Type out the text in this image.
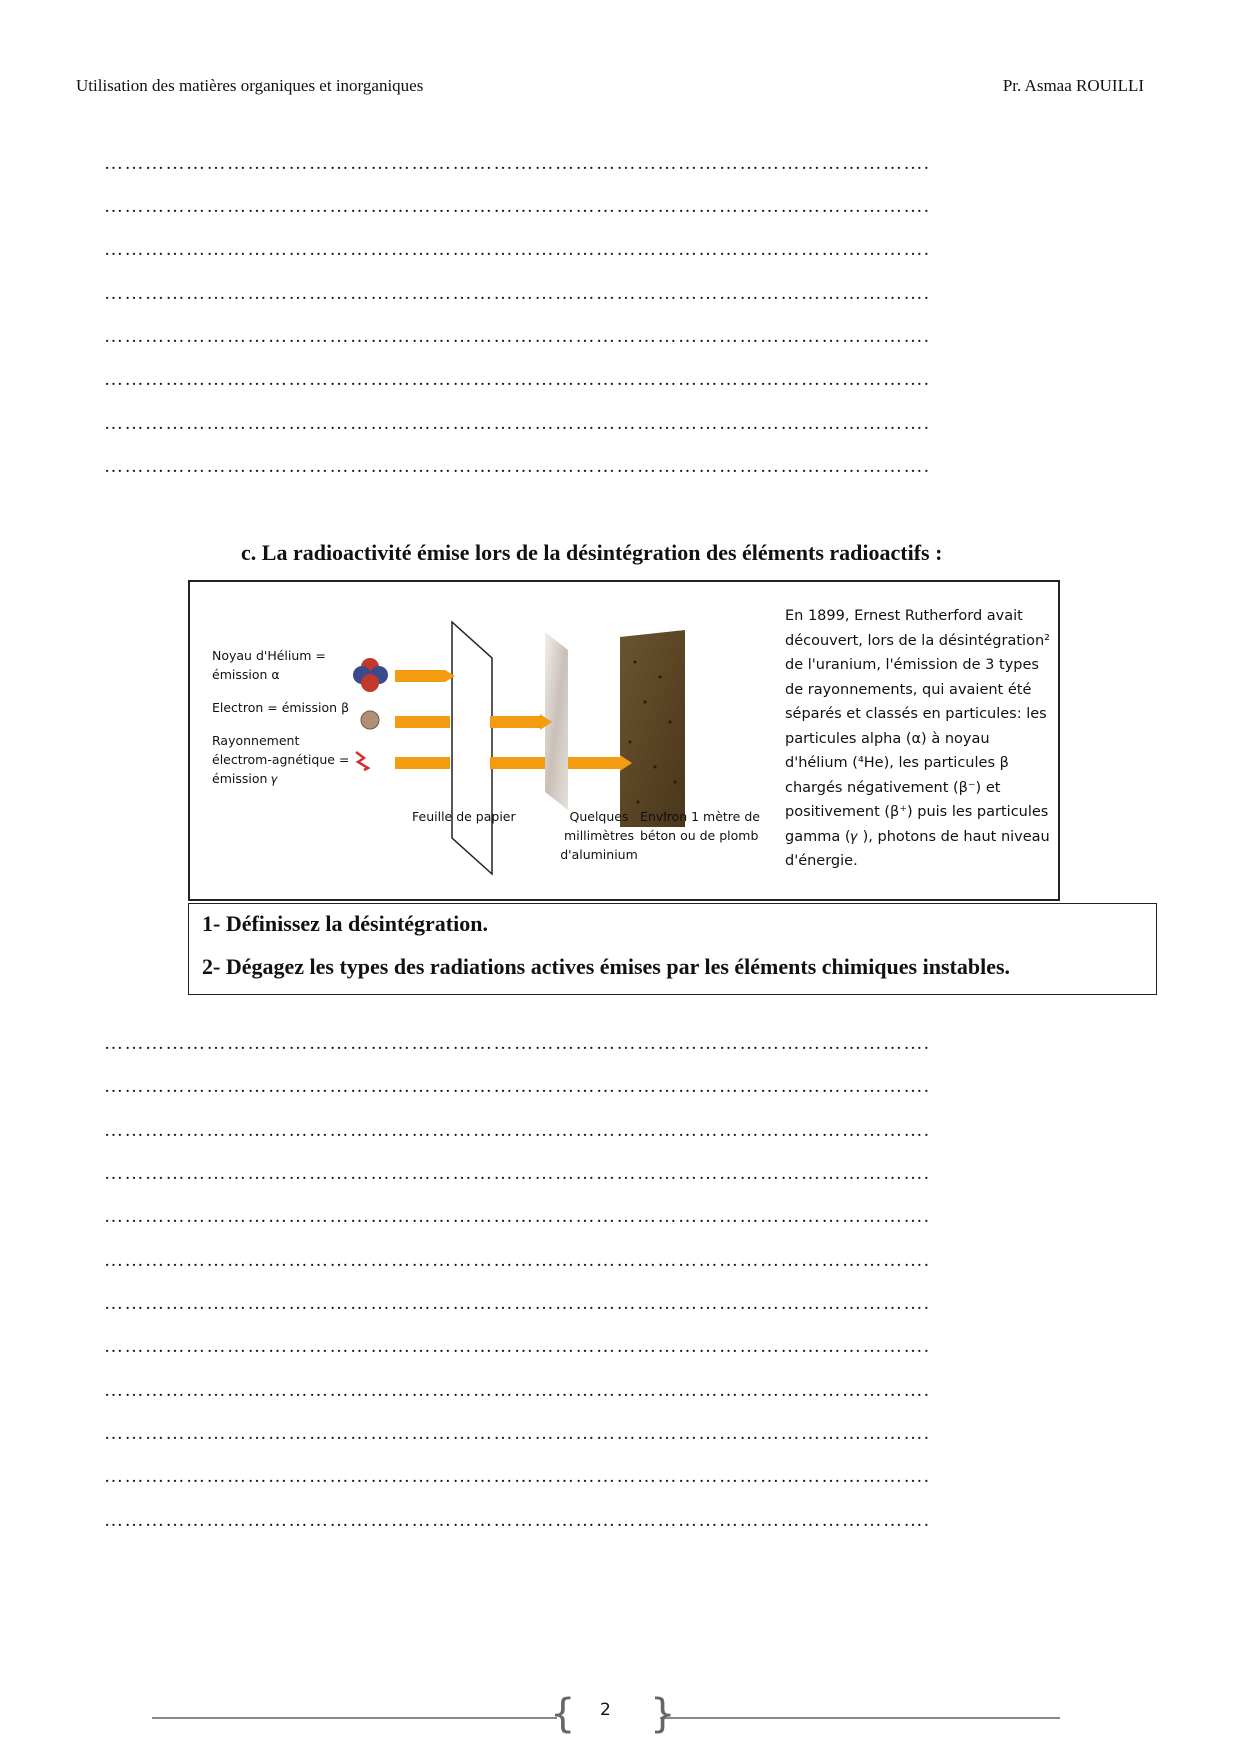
Utilisation des matières organiques et inorganiques	Pr. Asmaa ROUILLI
………………………………………………………………………………………………………….
………………………………………………………………………………………………………….
………………………………………………………………………………………………………….
………………………………………………………………………………………………………….
………………………………………………………………………………………………………….
………………………………………………………………………………………………………….
………………………………………………………………………………………………………….
………………………………………………………………………………………………………….
c. La radioactivité émise lors de la désintégration des éléments radioactifs :
Noyau d'Hélium = émission α
Electron = émission β
Rayonnement électrom-agnétique = émission 𝛾
Feuille de papier	Quelques millimètres d'aluminium
Environ 1 mètre de béton ou de plomb
En 1899, Ernest Rutherford avait découvert, lors de la désintégration² de l'uranium, l'émission de 3 types de rayonnements, qui avaient été séparés et classés en particules: les particules alpha (α) à noyau d'hélium (⁴He), les particules β chargés négativement (β⁻) et positivement (β⁺) puis les particules gamma (𝛾 ), photons de haut niveau d'énergie.
1- Définissez la désintégration.
2- Dégagez les types des radiations actives émises par les éléments chimiques instables.
………………………………………………………………………………………………………….
………………………………………………………………………………………………………….
………………………………………………………………………………………………………….
………………………………………………………………………………………………………….
………………………………………………………………………………………………………….
………………………………………………………………………………………………………….
………………………………………………………………………………………………………….
………………………………………………………………………………………………………….
………………………………………………………………………………………………………….
………………………………………………………………………………………………………….
………………………………………………………………………………………………………….
………………………………………………………………………………………………………….
{ }
2
